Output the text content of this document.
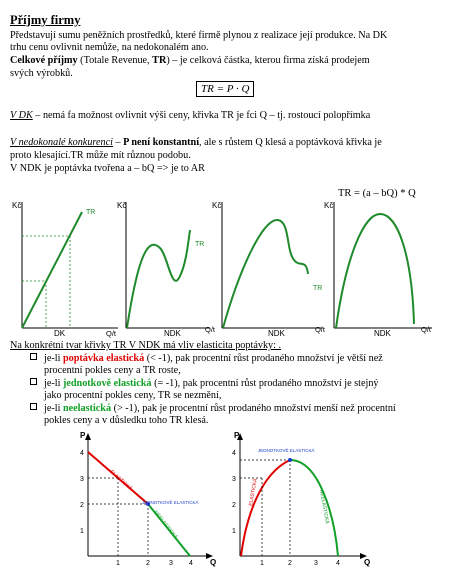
Příjmy firmy
Představují sumu peněžních prostředků, které firmě plynou z realizace její produkce. Na DK
trhu cenu ovlivnit nemůže, na nedokonalém ano.
Celkové příjmy (Totale Revenue, TR) – je celková částka, kterou firma získá prodejem
svých výrobků.
TR = P · Q
V DK – nemá fa možnost ovlivnit výši ceny, křivka TR je fci Q – tj. rostoucí polopřímka
V nedokonalé konkurenci – P není konstantní, ale s růstem Q klesá a poptávková křivka je
proto klesající.TR může mít různou podobu.
V NDK je poptávka tvořena a – bQ => je to AR
TR = (a – bQ) * Q
Kč
TR
DK	Q/t
Kč
TR
NDK	Q/t
Kč
TR
NDK	Q/t
Kč
NDK	Q/t
Na konkrétní tvar křivky TR V NDK má vliv elasticita poptávky: .
je-li poptávka elastická (< -1), pak procentní růst prodaného množství je větší než
procentní pokles ceny a TR roste,
je-li jednotkově elastická (= -1), pak procentní růst prodaného množství je stejný
jako procentní pokles ceny, TR se nezmění,
je-li neelastická (> -1), pak je procentní růst prodaného množství menší než procentní
pokles ceny a v důsledku toho TR klesá.
P
4
3
2
1
1	2	3 4 Q
ELASTICKÁ
JEDNOTKOVĚ ELASTICKÁ
NEELASTICKÁ
P
4
3
2
1
1	2	3	4	Q
JEDNOTKOVĚ ELASTICKÁ
ELASTICKÁ	NEELASTICKÁ
